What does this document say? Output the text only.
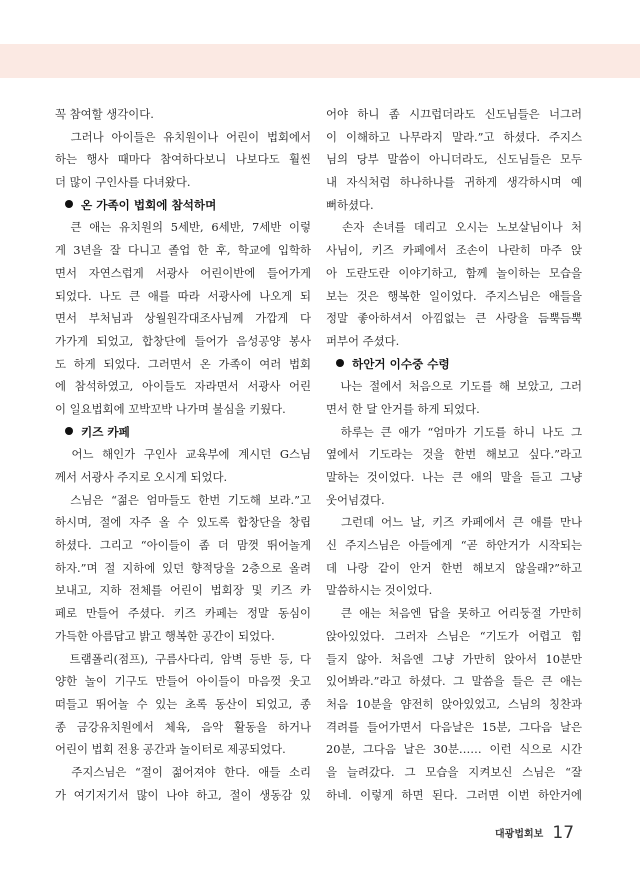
꼭 참여할 생각이다.
　그러나 아이들은 유치원이나 어린이 법회에서
하는 행사 때마다 참여하다보니 나보다도 훨씬
더 많이 구인사를 다녀왔다.
온 가족이 법회에 참석하며
　큰 애는 유치원의 5세반, 6세반, 7세반 이렇
게 3년을 잘 다니고 졸업 한 후, 학교에 입학하
면서 자연스럽게 서광사 어린이반에 들어가게
되었다. 나도 큰 애를 따라 서광사에 나오게 되
면서 부처님과 상월원각대조사님께 가깝게 다
가가게 되었고, 합창단에 들어가 음성공양 봉사
도 하게 되었다. 그러면서 온 가족이 여러 법회
에 참석하였고, 아이들도 자라면서 서광사 어린
이 일요법회에 꼬박꼬박 나가며 불심을 키웠다.
키즈 카페
　어느 해인가 구인사 교육부에 계시던 G스님
께서 서광사 주지로 오시게 되었다.
　스님은 “젊은 엄마들도 한번 기도해 보라.”고
하시며, 절에 자주 올 수 있도록 합창단을 창립
하셨다. 그리고 “아이들이 좀 더 맘껏 뛰어놀게
하자.”며 절 지하에 있던 향적당을 2층으로 올려
보내고, 지하 전체를 어린이 법회장 및 키즈 카
페로 만들어 주셨다. 키즈 카페는 정말 동심이
가득한 아름답고 밝고 행복한 공간이 되었다.
　트램폴리(점프), 구름사다리, 암벽 등반 등, 다
양한 놀이 기구도 만들어 아이들이 마음껏 웃고
떠들고 뛰어놀 수 있는 초록 동산이 되었고, 종
종 금강유치원에서 체육, 음악 활동을 하거나
어린이 법회 전용 공간과 놀이터로 제공되었다.
　주지스님은 “절이 젊어져야 한다. 애들 소리
가 여기저기서 많이 나야 하고, 절이 생동감 있
어야 하니 좀 시끄럽더라도 신도님들은 너그러
이 이해하고 나무라지 말라.”고 하셨다. 주지스
님의 당부 말씀이 아니더라도, 신도님들은 모두
내 자식처럼 하나하나를 귀하게 생각하시며 예
뻐하셨다.
　손자 손녀를 데리고 오시는 노보살님이나 처
사님이, 키즈 카페에서 조손이 나란히 마주 앉
아 도란도란 이야기하고, 함께 놀이하는 모습을
보는 것은 행복한 일이었다. 주지스님은 애들을
정말 좋아하셔서 아낌없는 큰 사랑을 듬뿍듬뿍
퍼부어 주셨다.
하안거 이수중 수령
　나는 절에서 처음으로 기도를 해 보았고, 그러
면서 한 달 안거를 하게 되었다.
　하루는 큰 애가 “엄마가 기도를 하니 나도 그
옆에서 기도라는 것을 한번 해보고 싶다.”라고
말하는 것이었다. 나는 큰 애의 말을 듣고 그냥
웃어넘겼다.
　그런데 어느 날, 키즈 카페에서 큰 애를 만나
신 주지스님은 아들에게 “곧 하안거가 시작되는
데 나랑 같이 안거 한번 해보지 않을래?”하고
말씀하시는 것이었다.
　큰 애는 처음엔 답을 못하고 어리둥절 가만히
앉아있었다. 그러자 스님은 “기도가 어렵고 힘
들지 않아. 처음엔 그냥 가만히 앉아서 10분만
있어봐라.”라고 하셨다. 그 말씀을 들은 큰 애는
처음 10분을 얌전히 앉아있었고, 스님의 칭찬과
격려를 들어가면서 다음날은 15분, 그다음 날은
20분, 그다음 날은 30분…… 이런 식으로 시간
을 늘려갔다. 그 모습을 지켜보신 스님은 “잘
하네. 이렇게 하면 된다. 그러면 이번 하안거에
대광법회보 17
